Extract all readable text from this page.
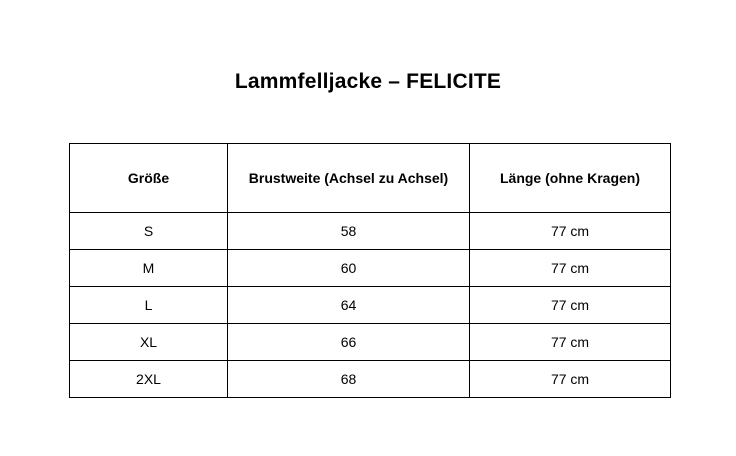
Lammfelljacke – FELICITE
Größe	Brustweite (Achsel zu Achsel)	Länge (ohne Kragen)
S	58	77 cm
M	60	77 cm
L	64	77 cm
XL	66	77 cm
2XL	68	77 cm
